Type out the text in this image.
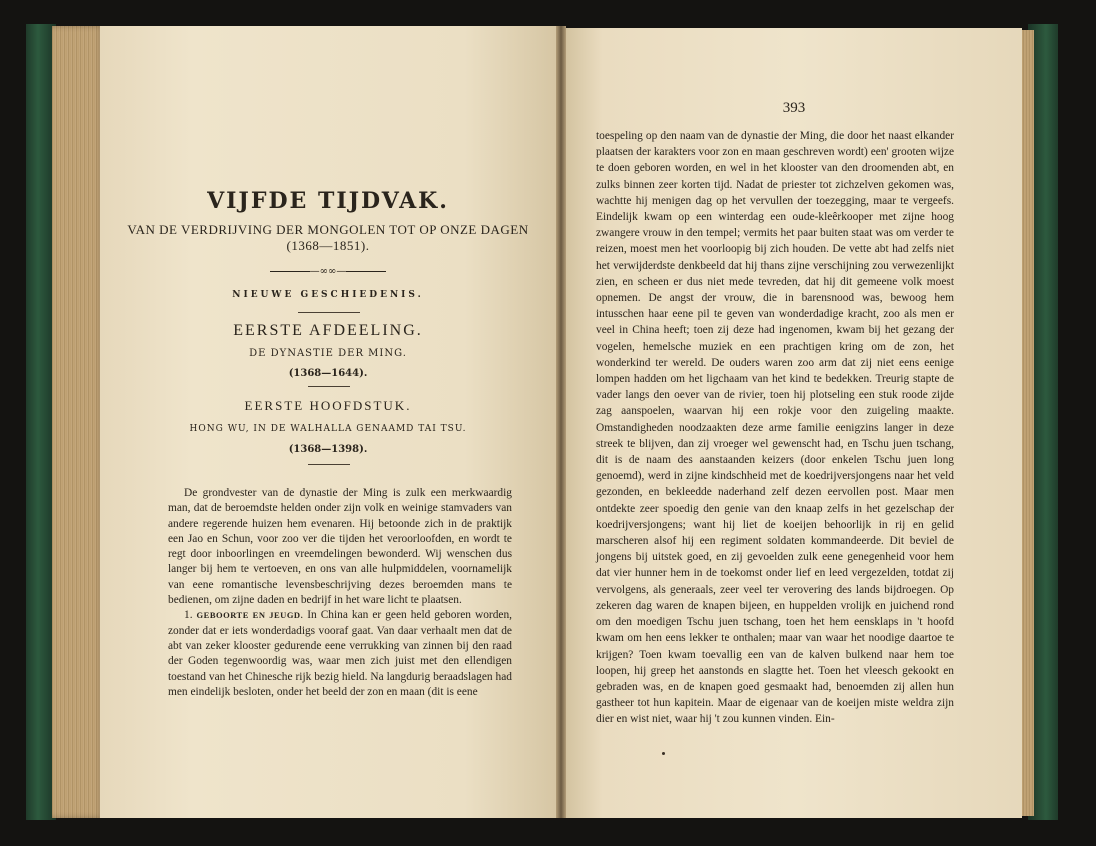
VIJFDE TIJDVAK.
VAN DE VERDRIJVING DER MONGOLEN TOT OP ONZE DAGEN
(1368—1851).
—∞∞—
NIEUWE GESCHIEDENIS.
EERSTE AFDEELING.
DE DYNASTIE DER MING.
(1368—1644).
EERSTE HOOFDSTUK.
HONG WU, IN DE WALHALLA GENAAMD TAI TSU.
(1368—1398).

De grondvester van de dynastie der Ming is zulk een merkwaardig man, dat de beroemdste helden onder zijn volk en weinige stamvaders van andere regerende huizen hem evenaren. Hij betoonde zich in de praktijk een Jao en Schun, voor zoo ver die tijden het veroorloofden, en wordt te regt door inboorlingen en vreemdelingen bewonderd. Wij wenschen dus langer bij hem te vertoeven, en ons van alle hulpmiddelen, voornamelijk van eene romantische levensbeschrijving dezes beroemden mans te bedienen, om zijne daden en bedrijf in het ware licht te plaatsen.

1. GEBOORTE EN JEUGD. In China kan er geen held geboren worden, zonder dat er iets wonderdadigs vooraf gaat. Van daar verhaalt men dat de abt van zeker klooster gedurende eene verrukking van zinnen bij den raad der Goden tegenwoordig was, waar men zich juist met den ellendigen toestand van het Chinesche rijk bezig hield. Na langdurig beraadslagen had men eindelijk besloten, onder het beeld der zon en maan (dit is eene

393

toespeling op den naam van de dynastie der Ming, die door het naast elkander plaatsen der karakters voor zon en maan geschreven wordt) een' grooten wijze te doen geboren worden, en wel in het klooster van den droomenden abt, en zulks binnen zeer korten tijd. Nadat de priester tot zichzelven gekomen was, wachtte hij menigen dag op het vervullen der toezegging, maar te vergeefs. Eindelijk kwam op een winterdag een oude-kleêrkooper met zijne hoog zwangere vrouw in den tempel; vermits het paar buiten staat was om verder te reizen, moest men het voorloopig bij zich houden. De vette abt had zelfs niet het verwijderdste denkbeeld dat hij thans zijne verschijning zou verwezenlijkt zien, en scheen er dus niet mede tevreden, dat hij dit gemeene volk moest opnemen. De angst der vrouw, die in barensnood was, bewoog hem intusschen haar eene pil te geven van wonderdadige kracht, zoo als men er veel in China heeft; toen zij deze had ingenomen, kwam bij het gezang der vogelen, hemelsche muziek en een prachtigen kring om de zon, het wonderkind ter wereld. De ouders waren zoo arm dat zij niet eens eenige lompen hadden om het ligchaam van het kind te bedekken. Treurig stapte de vader langs den oever van de rivier, toen hij plotseling een stuk roode zijde zag aanspoelen, waarvan hij een rokje voor den zuigeling maakte. Omstandigheden noodzaakten deze arme familie eenigzins langer in deze streek te blijven, dan zij vroeger wel gewenscht had, en Tschu juen tschang, dit is de naam des aanstaanden keizers (door enkelen Tschu juen long genoemd), werd in zijne kindschheid met de koedrijversjongens naar het veld gezonden, en bekleedde naderhand zelf dezen eervollen post. Maar men ontdekte zeer spoedig den genie van den knaap zelfs in het gezelschap der koedrijversjongens; want hij liet de koeijen behoorlijk in rij en gelid marscheren alsof hij een regiment soldaten kommandeerde. Dit beviel de jongens bij uitstek goed, en zij gevoelden zulk eene genegenheid voor hem dat vier hunner hem in de toekomst onder lief en leed vergezelden, totdat zij vervolgens, als generaals, zeer veel ter verovering des lands bijdroegen. Op zekeren dag waren de knapen bijeen, en huppelden vrolijk en juichend rond om den moedigen Tschu juen tschang, toen het hem eensklaps in 't hoofd kwam om hen eens lekker te onthalen; maar van waar het noodige daartoe te krijgen? Toen kwam toevallig een van de kalven bulkend naar hem toe loopen, hij greep het aanstonds en slagtte het. Toen het vleesch gekookt en gebraden was, en de knapen goed gesmaakt had, benoemden zij allen hun gastheer tot hun kapitein. Maar de eigenaar van de koeijen miste weldra zijn dier en wist niet, waar hij 't zou kunnen vinden. Ein-
